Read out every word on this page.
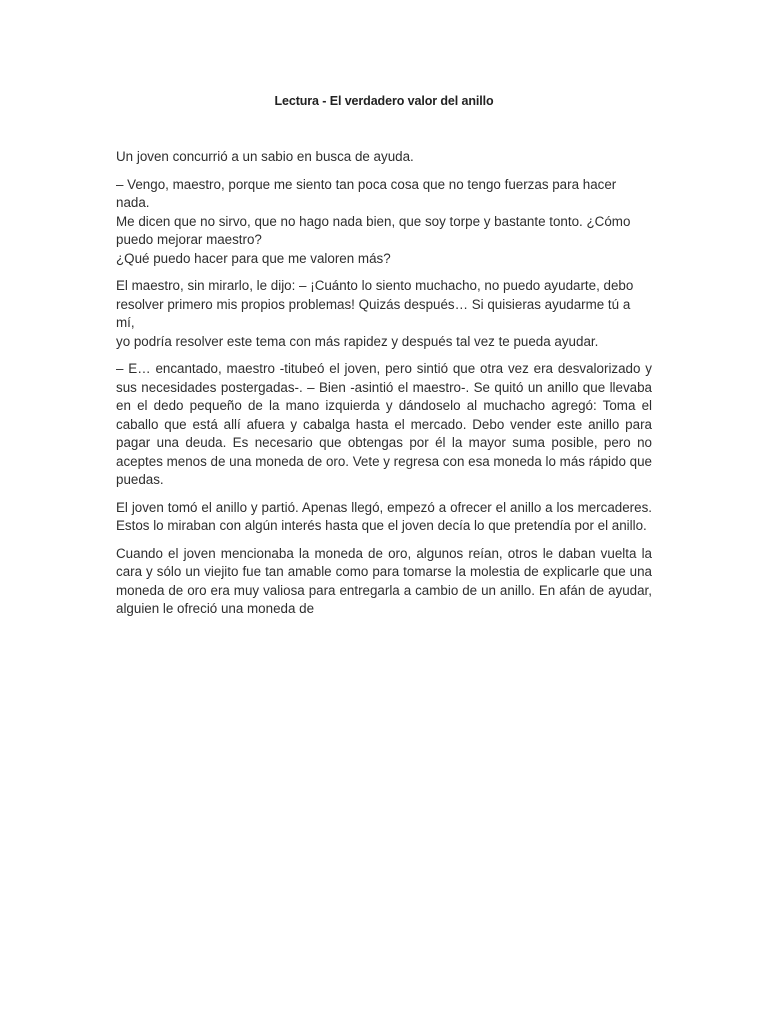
Lectura - El verdadero valor del anillo

Un joven concurrió a un sabio en busca de ayuda.

– Vengo, maestro, porque me siento tan poca cosa que no tengo fuerzas para hacer nada.
Me dicen que no sirvo, que no hago nada bien, que soy torpe y bastante tonto. ¿Cómo
puedo mejorar maestro?
¿Qué puedo hacer para que me valoren más?

El maestro, sin mirarlo, le dijo: – ¡Cuánto lo siento muchacho, no puedo ayudarte, debo
resolver primero mis propios problemas! Quizás después… Si quisieras ayudarme tú a mí,
yo podría resolver este tema con más rapidez y después tal vez te pueda ayudar.

– E… encantado, maestro -titubeó el joven, pero sintió que otra vez era desvalorizado y sus necesidades postergadas-. – Bien -asintió el maestro-. Se quitó un anillo que llevaba en el dedo pequeño de la mano izquierda y dándoselo al muchacho agregó: Toma el caballo que está allí afuera y cabalga hasta el mercado. Debo vender este anillo para pagar una deuda. Es necesario que obtengas por él la mayor suma posible, pero no aceptes menos de una moneda de oro. Vete y regresa con esa moneda lo más rápido que puedas.

El joven tomó el anillo y partió. Apenas llegó, empezó a ofrecer el anillo a los mercaderes. Estos lo miraban con algún interés hasta que el joven decía lo que pretendía por el anillo.

Cuando el joven mencionaba la moneda de oro, algunos reían, otros le daban vuelta la cara y sólo un viejito fue tan amable como para tomarse la molestia de explicarle que una moneda de oro era muy valiosa para entregarla a cambio de un anillo. En afán de ayudar, alguien le ofreció una moneda de
